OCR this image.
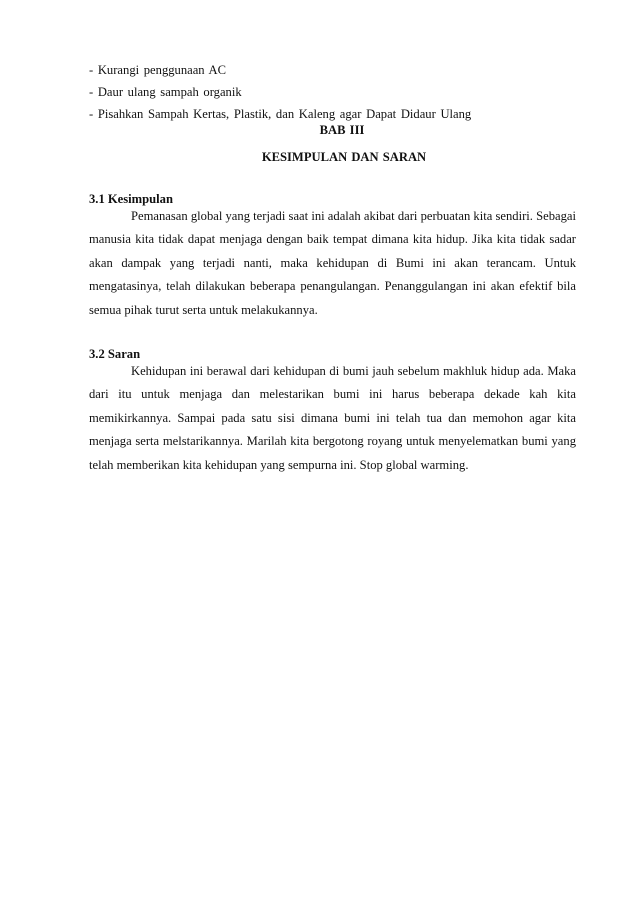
- Kurangi penggunaan AC
- Daur ulang sampah organik
- Pisahkan Sampah Kertas, Plastik, dan Kaleng agar Dapat Didaur Ulang
BAB III
KESIMPULAN DAN SARAN
3.1 Kesimpulan

Pemanasan global yang terjadi saat ini adalah akibat dari perbuatan kita sendiri. Sebagai manusia kita tidak dapat menjaga dengan baik tempat dimana kita hidup. Jika kita tidak sadar akan dampak yang terjadi nanti, maka kehidupan di Bumi ini akan terancam. Untuk mengatasinya, telah dilakukan beberapa penangulangan. Penanggulangan ini akan efektif bila semua pihak turut serta untuk melakukannya.

3.2 Saran

Kehidupan ini berawal dari kehidupan di bumi jauh sebelum makhluk hidup ada. Maka dari itu untuk menjaga dan melestarikan bumi ini harus beberapa dekade kah kita memikirkannya. Sampai pada satu sisi dimana bumi ini telah tua dan memohon agar kita menjaga serta melstarikannya. Marilah kita bergotong royang untuk menyelematkan bumi yang telah memberikan kita kehidupan yang sempurna ini. Stop global warming.
